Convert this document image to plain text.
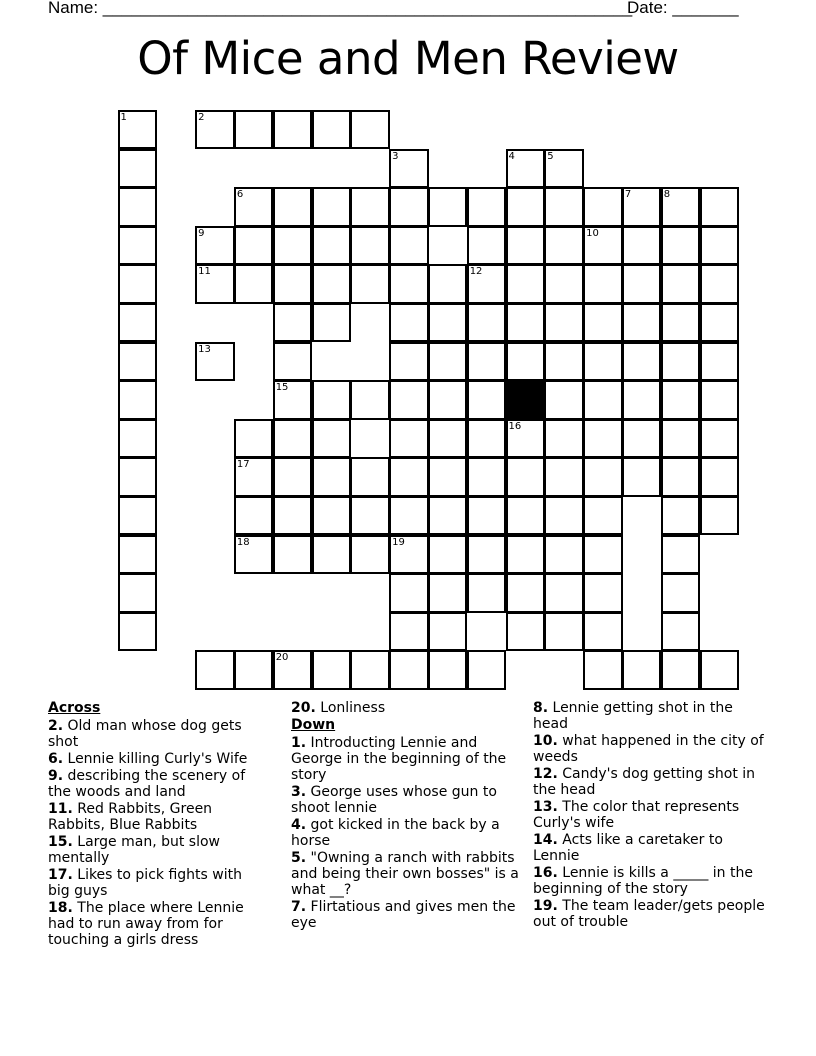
Name: ________________________________________________________
Date: _______
Of Mice and Men Review
1	2
3
19
4
16
5
6	7	8
9	10
11	12
13
15
17
18
20
Across
2. Old man whose dog gets shot
6. Lennie killing Curly's Wife
9. describing the scenery of the woods and land
11. Red Rabbits, Green Rabbits, Blue Rabbits
15. Large man, but slow mentally
17. Likes to pick fights with big guys
18. The place where Lennie had to run away from for touching a girls dress
20. Lonliness
Down
1. Introducting Lennie and George in the beginning of the story
3. George uses whose gun to shoot lennie
4. got kicked in the back by a horse
5. "Owning a ranch with rabbits and being their own bosses" is a what __?
7. Flirtatious and gives men the eye
8. Lennie getting shot in the head
10. what happened in the city of weeds
12. Candy's dog getting shot in the head
13. The color that represents Curly's wife
14. Acts like a caretaker to Lennie
16. Lennie is kills a _____ in the beginning of the story
19. The team leader/gets people out of trouble
